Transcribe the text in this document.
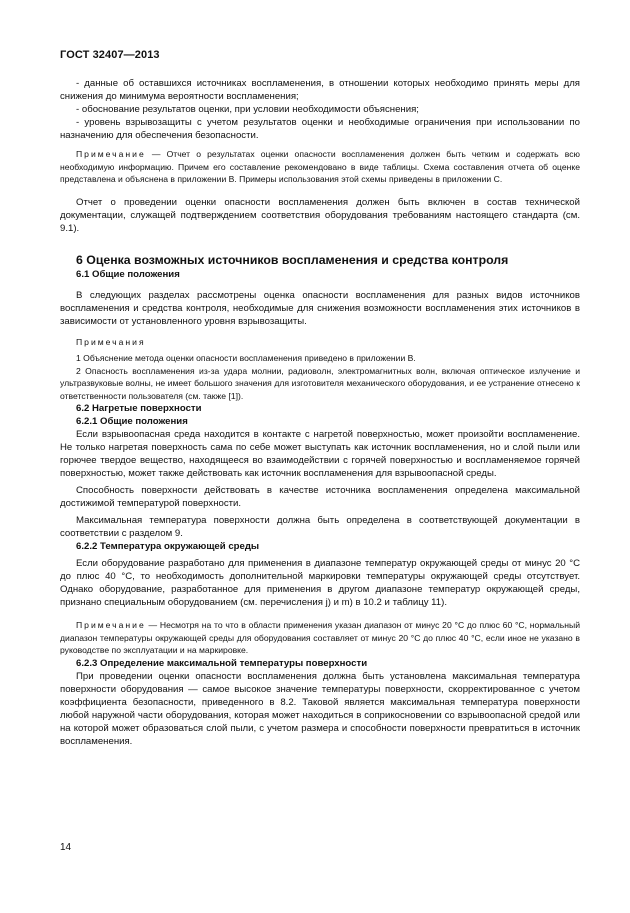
ГОСТ 32407—2013

- данные об оставшихся источниках воспламенения, в отношении которых необходимо принять меры для снижения до минимума вероятности воспламенения;

- обоснование результатов оценки, при условии необходимости объяснения;

- уровень взрывозащиты с учетом результатов оценки и необходимые ограничения при использовании по назначению для обеспечения безопасности.

Примечание — Отчет о результатах оценки опасности воспламенения должен быть четким и содержать всю необходимую информацию. Причем его составление рекомендовано в виде таблицы. Схема составления отчета об оценке представлена и объяснена в приложении В. Примеры использования этой схемы приведены в приложении С.

Отчет о проведении оценки опасности воспламенения должен быть включен в состав технической документации, служащей подтверждением соответствия оборудования требованиям настоящего стандарта (см. 9.1).

6 Оценка возможных источников воспламенения и средства контроля

6.1 Общие положения

В следующих разделах рассмотрены оценка опасности воспламенения для разных видов источников воспламенения и средства контроля, необходимые для снижения возможности воспламенения этих источников в зависимости от установленного уровня взрывозащиты.

Примечания

1 Объяснение метода оценки опасности воспламенения приведено в приложении В.

2 Опасность воспламенения из-за удара молнии, радиоволн, электромагнитных волн, включая оптическое излучение и ультразвуковые волны, не имеет большого значения для изготовителя механического оборудования, и ее устранение отнесено к ответственности пользователя (см. также [1]).

6.2 Нагретые поверхности

6.2.1 Общие положения

Если взрывоопасная среда находится в контакте с нагретой поверхностью, может произойти воспламенение. Не только нагретая поверхность сама по себе может выступать как источник воспламенения, но и слой пыли или горючее твердое вещество, находящееся во взаимодействии с горячей поверхностью и воспламеняемое горячей поверхностью, может также действовать как источник воспламенения для взрывоопасной среды.

Способность поверхности действовать в качестве источника воспламенения определена максимальной достижимой температурой поверхности.

Максимальная температура поверхности должна быть определена в соответствующей документации в соответствии с разделом 9.

6.2.2 Температура окружающей среды

Если оборудование разработано для применения в диапазоне температур окружающей среды от минус 20 °С до плюс 40 °С, то необходимость дополнительной маркировки температуры окружающей среды отсутствует. Однако оборудование, разработанное для применения в другом диапазоне температур окружающей среды, признано специальным оборудованием (см. перечисления j) и m) в 10.2 и таблицу 11).

Примечание — Несмотря на то что в области применения указан диапазон от минус 20 °С до плюс 60 °С, нормальный диапазон температуры окружающей среды для оборудования составляет от минус 20 °С до плюс 40 °С, если иное не указано в руководстве по эксплуатации и на маркировке.

6.2.3 Определение максимальной температуры поверхности

При проведении оценки опасности воспламенения должна быть установлена максимальная температура поверхности оборудования — самое высокое значение температуры поверхности, скорректированное с учетом коэффициента безопасности, приведенного в 8.2. Таковой является максимальная температура поверхности любой наружной части оборудования, которая может находиться в соприкосновении со взрывоопасной средой или на которой может образоваться слой пыли, с учетом размера и способности поверхности превратиться в источник воспламенения.

14
